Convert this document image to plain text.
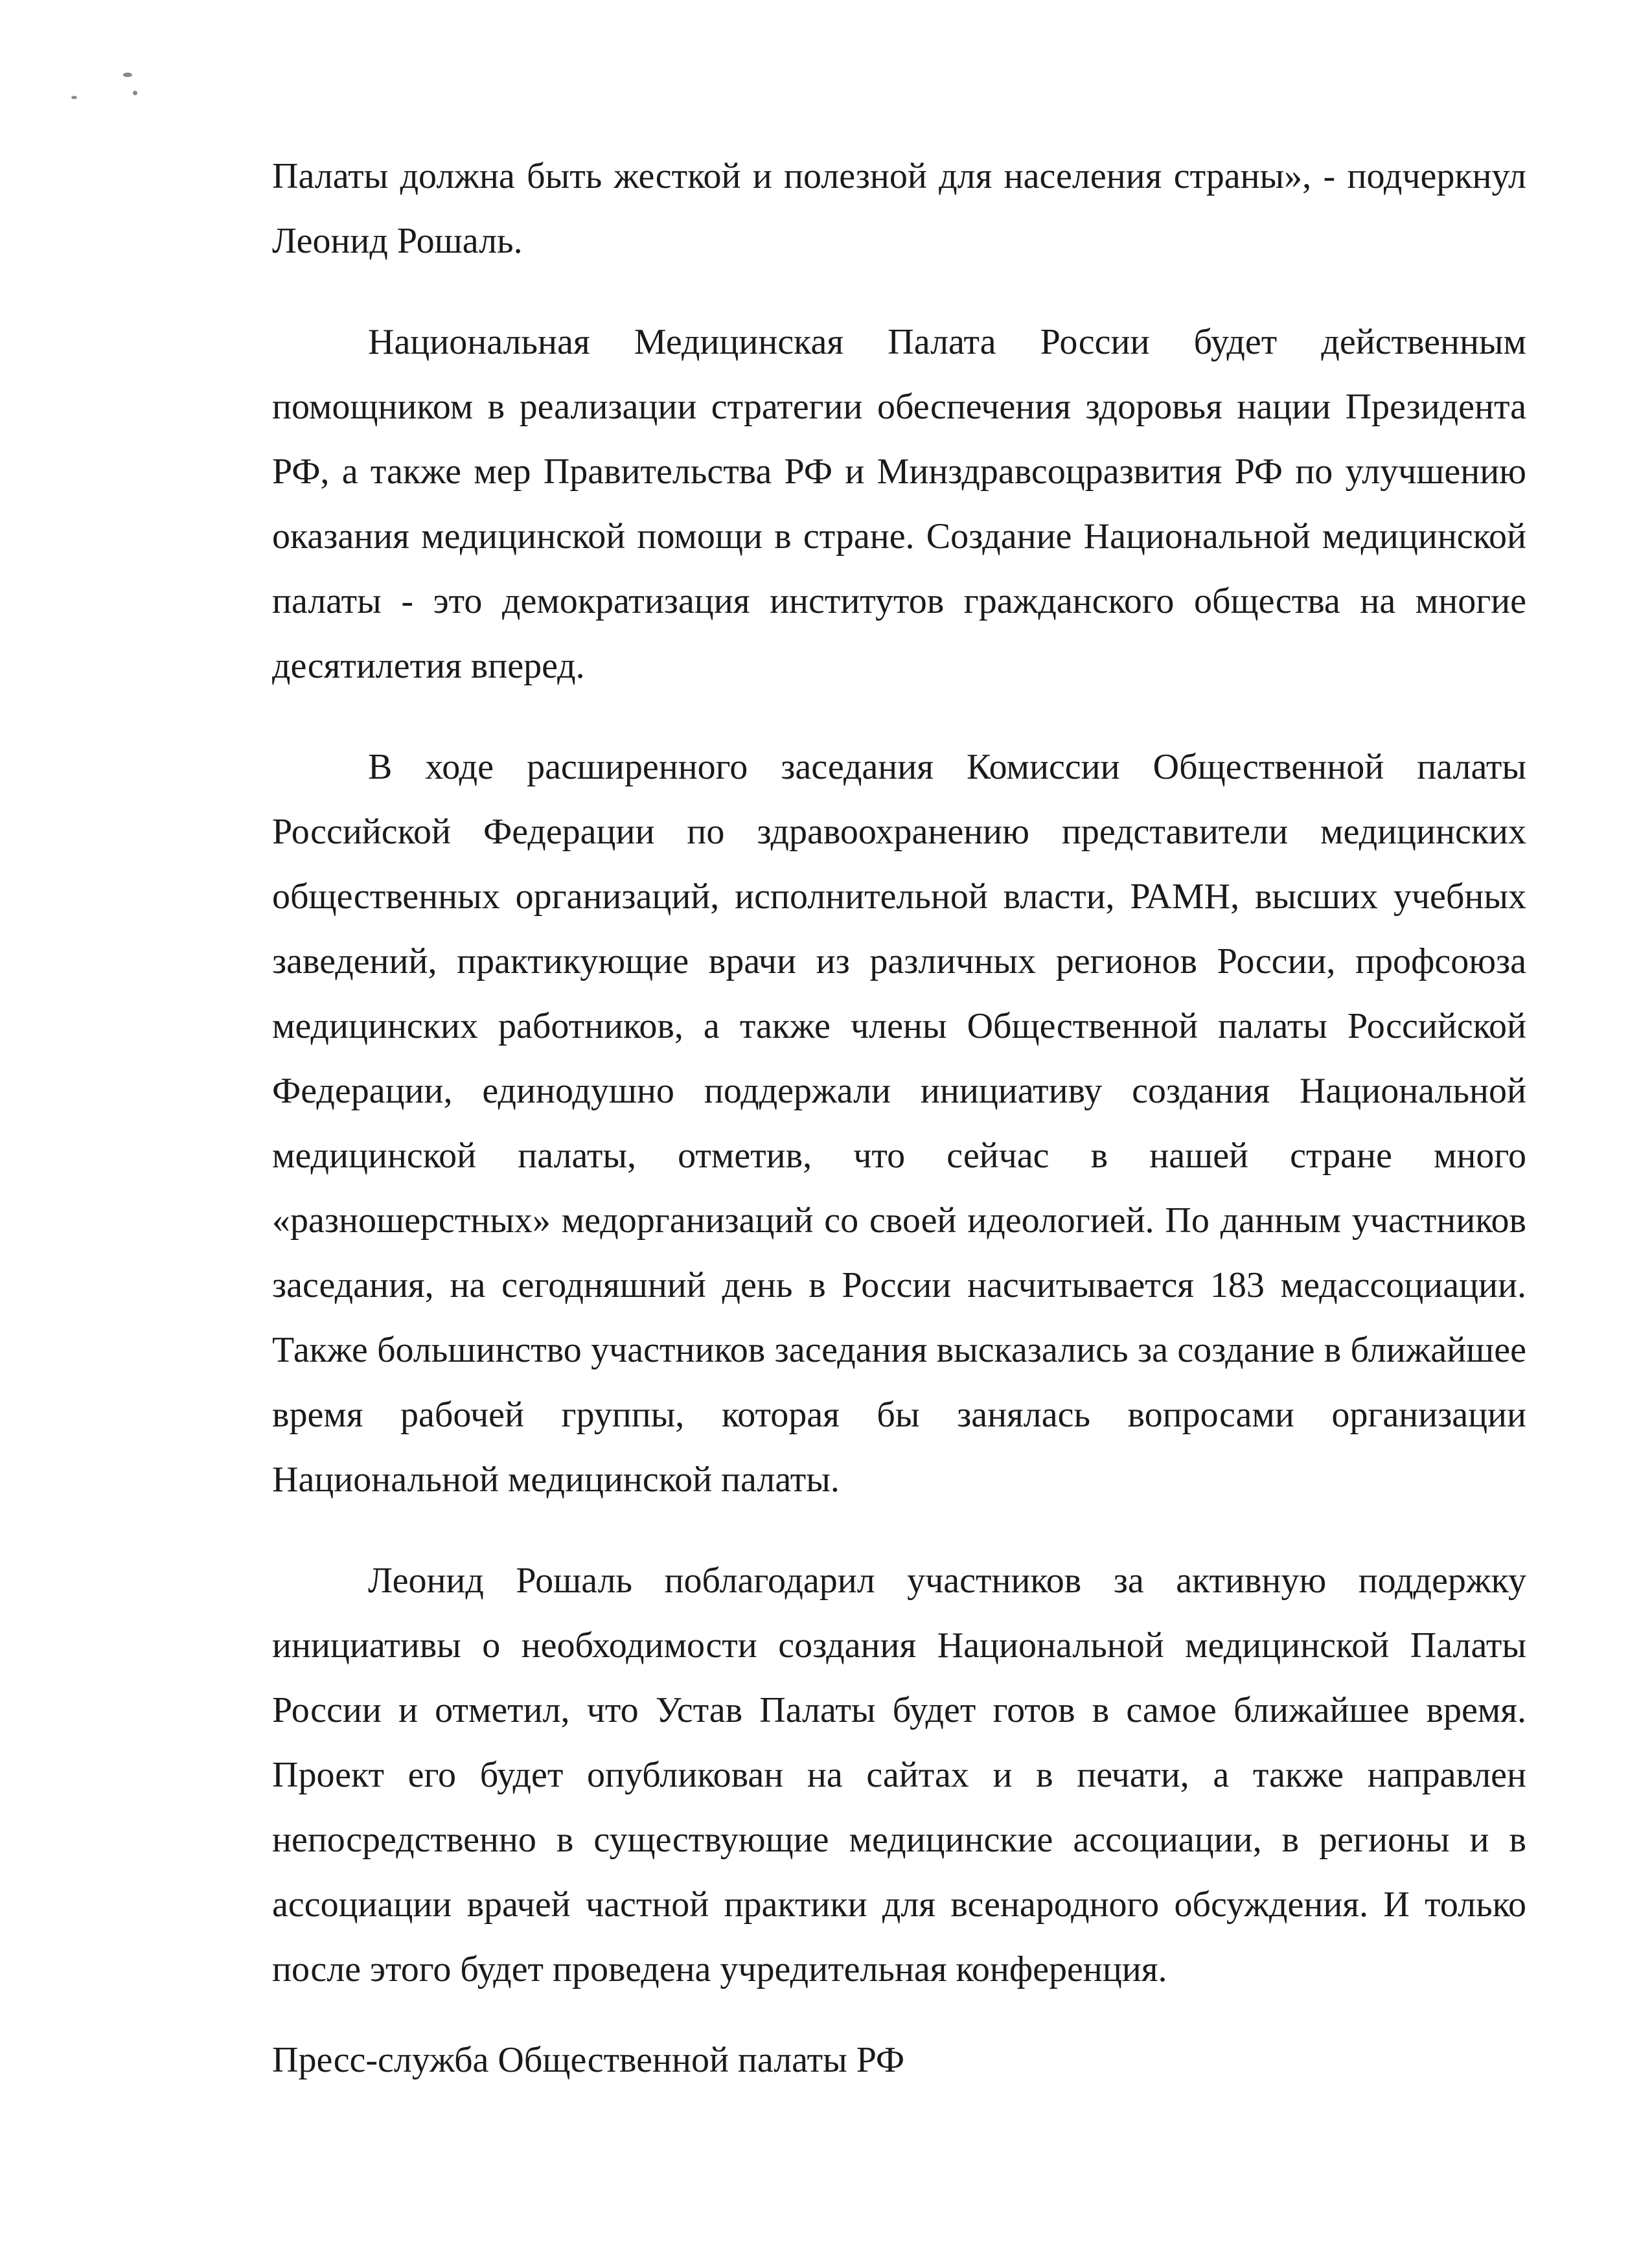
Палаты должна быть жесткой и полезной для населения страны», - подчеркнул Леонид Рошаль.

Национальная Медицинская Палата России будет действенным помощником в реализации стратегии обеспечения здоровья нации Президента РФ, а также мер Правительства РФ и Минздравсоцразвития РФ по улучшению оказания медицинской помощи в стране. Создание Национальной медицинской палаты - это демократизация институтов гражданского общества на многие десятилетия вперед.

В ходе расширенного заседания Комиссии Общественной палаты Российской Федерации по здравоохранению представители медицинских общественных организаций, исполнительной власти, РАМН, высших учебных заведений, практикующие врачи из различных регионов России, профсоюза медицинских работников, а также члены Общественной палаты Российской Федерации, единодушно поддержали инициативу создания Национальной медицинской палаты, отметив, что сейчас в нашей стране много «разношерстных» медорганизаций со своей идеологией. По данным участников заседания, на сегодняшний день в России насчитывается 183 медассоциации. Также большинство участников заседания высказались за создание в ближайшее время рабочей группы, которая бы занялась вопросами организации Национальной медицинской палаты.

Леонид Рошаль поблагодарил участников за активную поддержку инициативы о необходимости создания Национальной медицинской Палаты России и отметил, что Устав Палаты будет готов в самое ближайшее время. Проект его будет опубликован на сайтах и в печати, а также направлен непосредственно в существующие медицинские ассоциации, в регионы и в ассоциации врачей частной практики для всенародного обсуждения. И только после этого будет проведена учредительная конференция.

Пресс-служба Общественной палаты РФ
